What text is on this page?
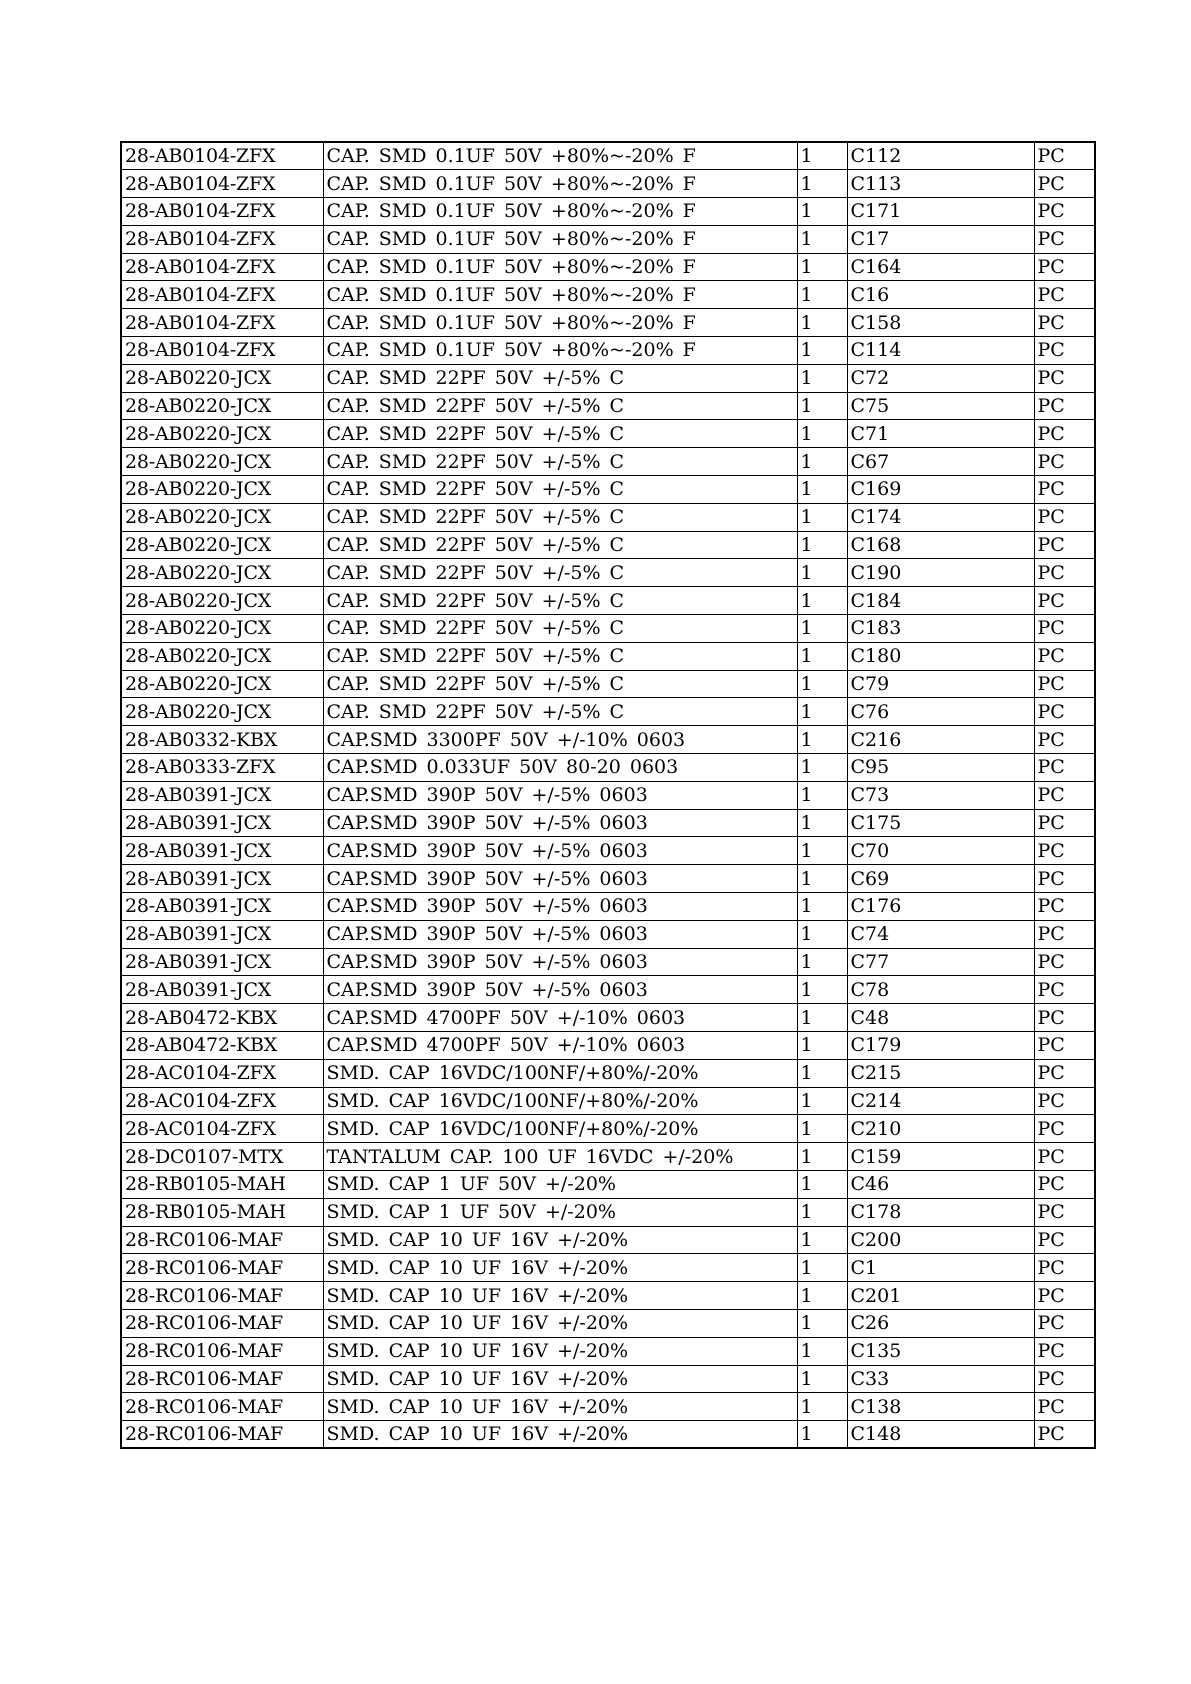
28-AB0104-ZFX	CAP. SMD 0.1UF 50V +80%~-20% F	1	C112	PC
28-AB0104-ZFX	CAP. SMD 0.1UF 50V +80%~-20% F	1	C113	PC
28-AB0104-ZFX	CAP. SMD 0.1UF 50V +80%~-20% F	1	C171	PC
28-AB0104-ZFX	CAP. SMD 0.1UF 50V +80%~-20% F	1	C17	PC
28-AB0104-ZFX	CAP. SMD 0.1UF 50V +80%~-20% F	1	C164	PC
28-AB0104-ZFX	CAP. SMD 0.1UF 50V +80%~-20% F	1	C16	PC
28-AB0104-ZFX	CAP. SMD 0.1UF 50V +80%~-20% F	1	C158	PC
28-AB0104-ZFX	CAP. SMD 0.1UF 50V +80%~-20% F	1	C114	PC
28-AB0220-JCX	CAP. SMD 22PF 50V +/-5% C	1	C72	PC
28-AB0220-JCX	CAP. SMD 22PF 50V +/-5% C	1	C75	PC
28-AB0220-JCX	CAP. SMD 22PF 50V +/-5% C	1	C71	PC
28-AB0220-JCX	CAP. SMD 22PF 50V +/-5% C	1	C67	PC
28-AB0220-JCX	CAP. SMD 22PF 50V +/-5% C	1	C169	PC
28-AB0220-JCX	CAP. SMD 22PF 50V +/-5% C	1	C174	PC
28-AB0220-JCX	CAP. SMD 22PF 50V +/-5% C	1	C168	PC
28-AB0220-JCX	CAP. SMD 22PF 50V +/-5% C	1	C190	PC
28-AB0220-JCX	CAP. SMD 22PF 50V +/-5% C	1	C184	PC
28-AB0220-JCX	CAP. SMD 22PF 50V +/-5% C	1	C183	PC
28-AB0220-JCX	CAP. SMD 22PF 50V +/-5% C	1	C180	PC
28-AB0220-JCX	CAP. SMD 22PF 50V +/-5% C	1	C79	PC
28-AB0220-JCX	CAP. SMD 22PF 50V +/-5% C	1	C76	PC
28-AB0332-KBX	CAP.SMD 3300PF 50V +/-10% 0603	1	C216	PC
28-AB0333-ZFX	CAP.SMD 0.033UF 50V 80-20 0603	1	C95	PC
28-AB0391-JCX	CAP.SMD 390P 50V +/-5% 0603	1	C73	PC
28-AB0391-JCX	CAP.SMD 390P 50V +/-5% 0603	1	C175	PC
28-AB0391-JCX	CAP.SMD 390P 50V +/-5% 0603	1	C70	PC
28-AB0391-JCX	CAP.SMD 390P 50V +/-5% 0603	1	C69	PC
28-AB0391-JCX	CAP.SMD 390P 50V +/-5% 0603	1	C176	PC
28-AB0391-JCX	CAP.SMD 390P 50V +/-5% 0603	1	C74	PC
28-AB0391-JCX	CAP.SMD 390P 50V +/-5% 0603	1	C77	PC
28-AB0391-JCX	CAP.SMD 390P 50V +/-5% 0603	1	C78	PC
28-AB0472-KBX	CAP.SMD 4700PF 50V +/-10% 0603	1	C48	PC
28-AB0472-KBX	CAP.SMD 4700PF 50V +/-10% 0603	1	C179	PC
28-AC0104-ZFX	SMD. CAP 16VDC/100NF/+80%/-20%	1	C215	PC
28-AC0104-ZFX	SMD. CAP 16VDC/100NF/+80%/-20%	1	C214	PC
28-AC0104-ZFX	SMD. CAP 16VDC/100NF/+80%/-20%	1	C210	PC
28-DC0107-MTX	TANTALUM CAP. 100 UF 16VDC +/-20%	1	C159	PC
28-RB0105-MAH	SMD. CAP 1 UF 50V +/-20%	1	C46	PC
28-RB0105-MAH	SMD. CAP 1 UF 50V +/-20%	1	C178	PC
28-RC0106-MAF	SMD. CAP 10 UF 16V +/-20%	1	C200	PC
28-RC0106-MAF	SMD. CAP 10 UF 16V +/-20%	1	C1	PC
28-RC0106-MAF	SMD. CAP 10 UF 16V +/-20%	1	C201	PC
28-RC0106-MAF	SMD. CAP 10 UF 16V +/-20%	1	C26	PC
28-RC0106-MAF	SMD. CAP 10 UF 16V +/-20%	1	C135	PC
28-RC0106-MAF	SMD. CAP 10 UF 16V +/-20%	1	C33	PC
28-RC0106-MAF	SMD. CAP 10 UF 16V +/-20%	1	C138	PC
28-RC0106-MAF	SMD. CAP 10 UF 16V +/-20%	1	C148	PC
